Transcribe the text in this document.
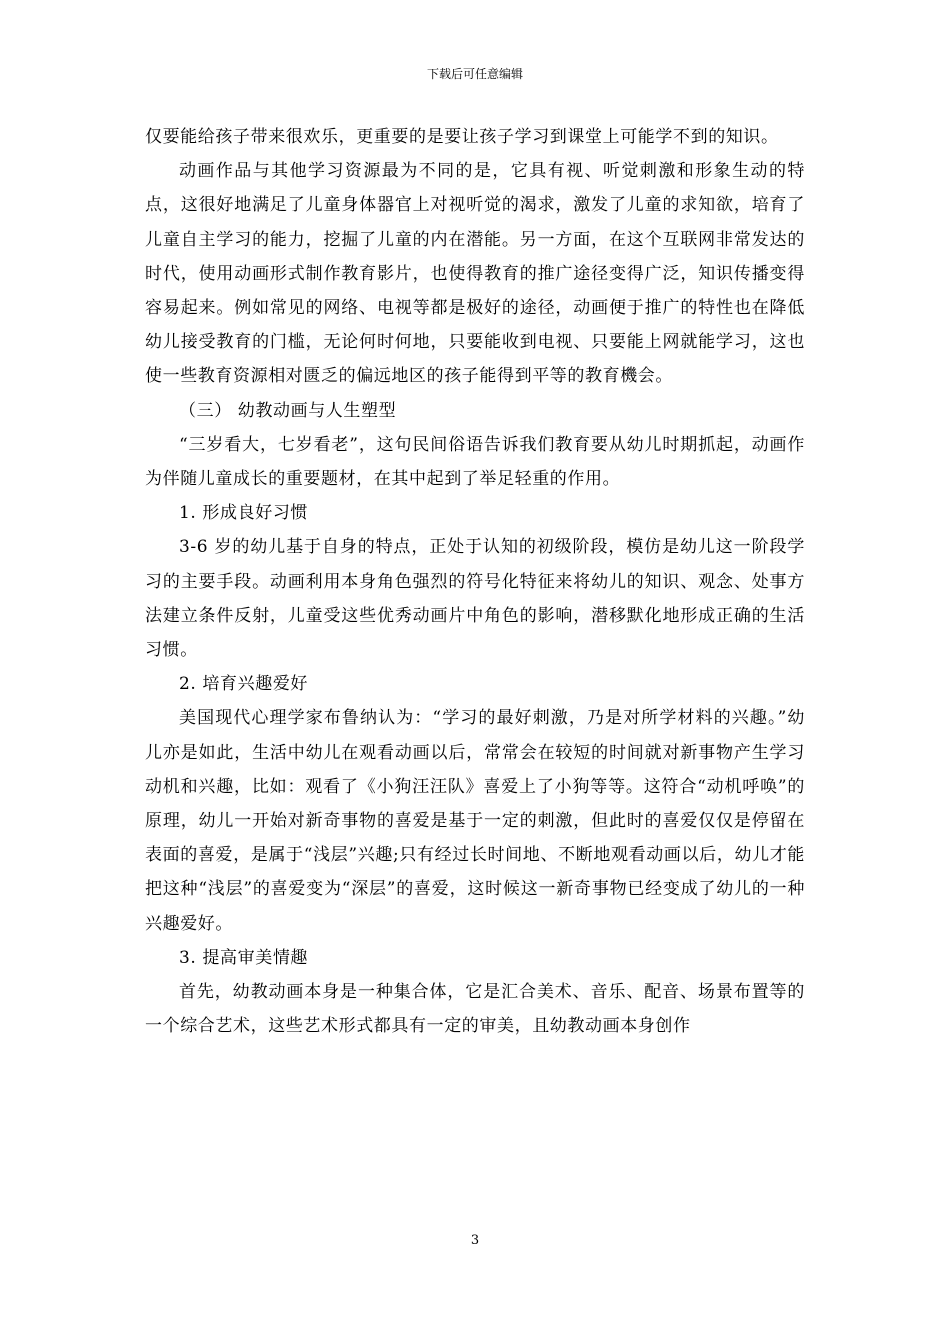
下载后可任意编辑

仅要能给孩子带来很欢乐，更重要的是要让孩子学习到课堂上可能学不到的知识。

动画作品与其他学习资源最为不同的是，它具有视、听觉刺激和形象生动的特点，这很好地满足了儿童身体器官上对视听觉的渴求，激发了儿童的求知欲，培育了儿童自主学习的能力，挖掘了儿童的内在潜能。另一方面，在这个互联网非常发达的时代，使用动画形式制作教育影片，也使得教育的推广途径变得广泛，知识传播变得容易起来。例如常见的网络、电视等都是极好的途径，动画便于推广的特性也在降低幼儿接受教育的门槛，无论何时何地，只要能收到电视、只要能上网就能学习，这也使一些教育资源相对匮乏的偏远地区的孩子能得到平等的教育機会。

（三） 幼教动画与人生塑型

“三岁看大，七岁看老”，这句民间俗语告诉我们教育要从幼儿时期抓起，动画作为伴随儿童成长的重要题材，在其中起到了举足轻重的作用。

1. 形成良好习惯

3-6 岁的幼儿基于自身的特点，正处于认知的初级阶段，模仿是幼儿这一阶段学习的主要手段。动画利用本身角色强烈的符号化特征来将幼儿的知识、观念、处事方法建立条件反射，儿童受这些优秀动画片中角色的影响，潜移默化地形成正确的生活习惯。

2. 培育兴趣爱好

美国现代心理学家布鲁纳认为：“学习的最好刺激，乃是对所学材料的兴趣。”幼儿亦是如此，生活中幼儿在观看动画以后，常常会在较短的时间就对新事物产生学习动机和兴趣，比如：观看了《小狗汪汪队》喜爱上了小狗等等。这符合“动机呼唤”的原理，幼儿一开始对新奇事物的喜爱是基于一定的刺激，但此时的喜爱仅仅是停留在表面的喜爱，是属于“浅层”兴趣;只有经过长时间地、不断地观看动画以后，幼儿才能把这种“浅层”的喜爱变为“深层”的喜爱，这时候这一新奇事物已经变成了幼儿的一种兴趣爱好。

3. 提高审美情趣

首先，幼教动画本身是一种集合体，它是汇合美术、音乐、配音、场景布置等的一个综合艺术，这些艺术形式都具有一定的审美，且幼教动画本身创作

3
